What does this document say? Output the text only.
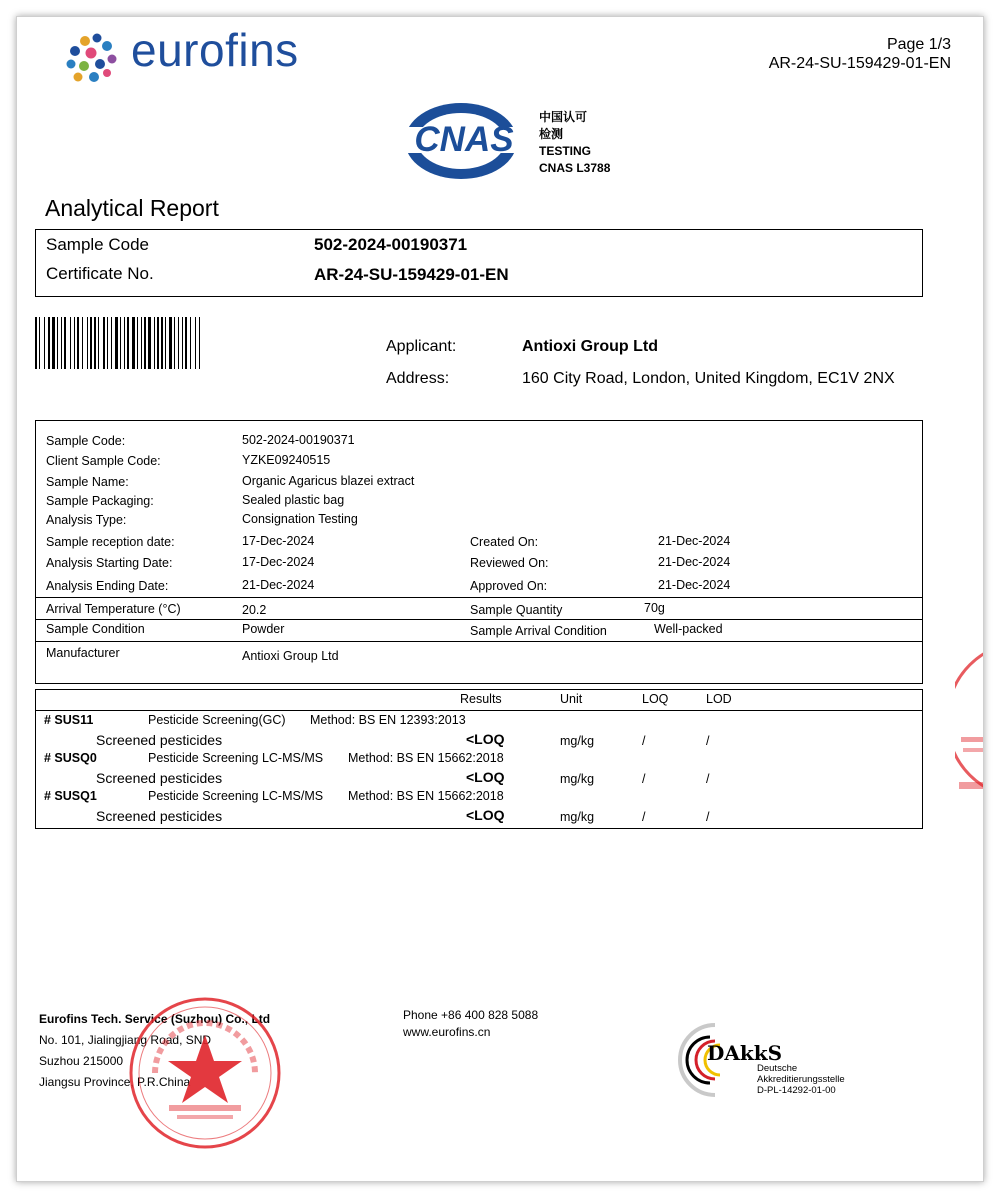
eurofins	Page 1/3
AR-24-SU-159429-01-EN
CNAS
中国认可
检测
TESTING
CNAS L3788
Analytical Report
Sample Code	502-2024-00190371
Certificate No.	AR-24-SU-159429-01-EN
Applicant:	Antioxi Group Ltd
Address:	160 City Road, London, United Kingdom, EC1V 2NX
Sample Code:	502-2024-00190371
Client Sample Code:	YZKE09240515
Sample Name:	Organic Agaricus blazei extract
Sample Packaging:	Sealed plastic bag
Analysis Type:	Consignation Testing
Sample reception date:	17-Dec-2024	Created On:	21-Dec-2024
Analysis Starting Date:	17-Dec-2024	Reviewed On:	21-Dec-2024
Analysis Ending Date:	21-Dec-2024	Approved On:	21-Dec-2024
Arrival Temperature (°C)	20.2	Sample Quantity	70g
Sample Condition	Powder	Sample Arrival Condition	Well-packed
Manufacturer	Antioxi Group Ltd
Results	Unit	LOQ	LOD
# SUS11	Pesticide Screening(GC) Method: BS EN 12393:2013
Screened pesticides	<LOQ	mg/kg	/	/
# SUSQ0	Pesticide Screening LC-MS/MS Method: BS EN 15662:2018
Screened pesticides	<LOQ	mg/kg	/	/
# SUSQ1	Pesticide Screening LC-MS/MS Method: BS EN 15662:2018
Screened pesticides	<LOQ	mg/kg	/	/
Eurofins Tech. Service (Suzhou) Co., Ltd
No. 101, Jialingjiang Road, SND
Suzhou 215000
Jiangsu Province, P.R.China
Phone +86 400 828 5088
www.eurofins.cn
DAkkS
Deutsche
Akkreditierungsstelle
D-PL-14292-01-00
